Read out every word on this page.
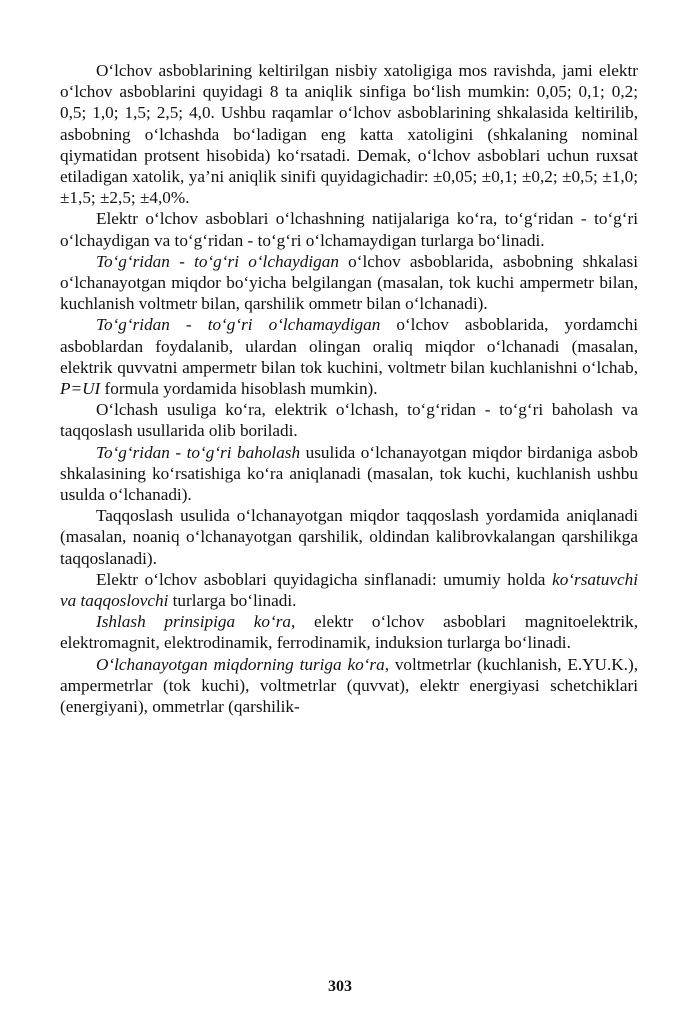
O‘lchov asboblarining keltirilgan nisbiy xatoligiga mos ravishda, jami elektr o‘lchov asboblarini quyidagi 8 ta aniqlik sinfiga bo‘lish mumkin: 0,05; 0,1; 0,2; 0,5; 1,0; 1,5; 2,5; 4,0. Ushbu raqamlar o‘lchov asboblarining shkalasida keltirilib, asbobning o‘lchashda bo‘ladigan eng katta xatoligini (shkalaning nominal qiymatidan protsent hisobida) ko‘rsatadi. Demak, o‘lchov asboblari uchun ruxsat etiladigan xatolik, ya’ni aniqlik sinifi quyidagichadir: ±0,05; ±0,1; ±0,2; ±0,5; ±1,0; ±1,5; ±2,5; ±4,0%.

Elektr o‘lchov asboblari o‘lchashning natijalariga ko‘ra, to‘g‘ridan - to‘g‘ri o‘lchaydigan va to‘g‘ridan - to‘g‘ri o‘lchamaydigan turlarga bo‘linadi.

To‘g‘ridan - to‘g‘ri o‘lchaydigan o‘lchov asboblarida, asbobning shkalasi o‘lchanayotgan miqdor bo‘yicha belgilangan (masalan, tok kuchi ampermetr bilan, kuchlanish voltmetr bilan, qarshilik ommetr bilan o‘lchanadi).

To‘g‘ridan - to‘g‘ri o‘lchamaydigan o‘lchov asboblarida, yordamchi asboblardan foydalanib, ulardan olingan oraliq miqdor o‘lchanadi (masalan, elektrik quvvatni ampermetr bilan tok kuchini, voltmetr bilan kuchlanishni o‘lchab, P=UI formula yordamida hisoblash mumkin).

O‘lchash usuliga ko‘ra, elektrik o‘lchash, to‘g‘ridan - to‘g‘ri baholash va taqqoslash usullarida olib boriladi.

To‘g‘ridan - to‘g‘ri baholash usulida o‘lchanayotgan miqdor birdaniga asbob shkalasining ko‘rsatishiga ko‘ra aniqlanadi (masalan, tok kuchi, kuchlanish ushbu usulda o‘lchanadi).

Taqqoslash usulida o‘lchanayotgan miqdor taqqoslash yordamida aniqlanadi (masalan, noaniq o‘lchanayotgan qarshilik, oldindan kalibrovkalangan qarshilikga taqqoslanadi).

Elektr o‘lchov asboblari quyidagicha sinflanadi: umumiy holda ko‘rsatuvchi va taqqoslovchi turlarga bo‘linadi.

Ishlash prinsipiga ko‘ra, elektr o‘lchov asboblari magnitoelektrik, elektromagnit, elektrodinamik, ferrodinamik, induksion turlarga bo‘linadi.

O‘lchanayotgan miqdorning turiga ko‘ra, voltmetrlar (kuchlanish, E.YU.K.), ampermetrlar (tok kuchi), voltmetrlar (quvvat), elektr energiyasi schetchiklari (energiyani), ommetrlar (qarshilik-

303
